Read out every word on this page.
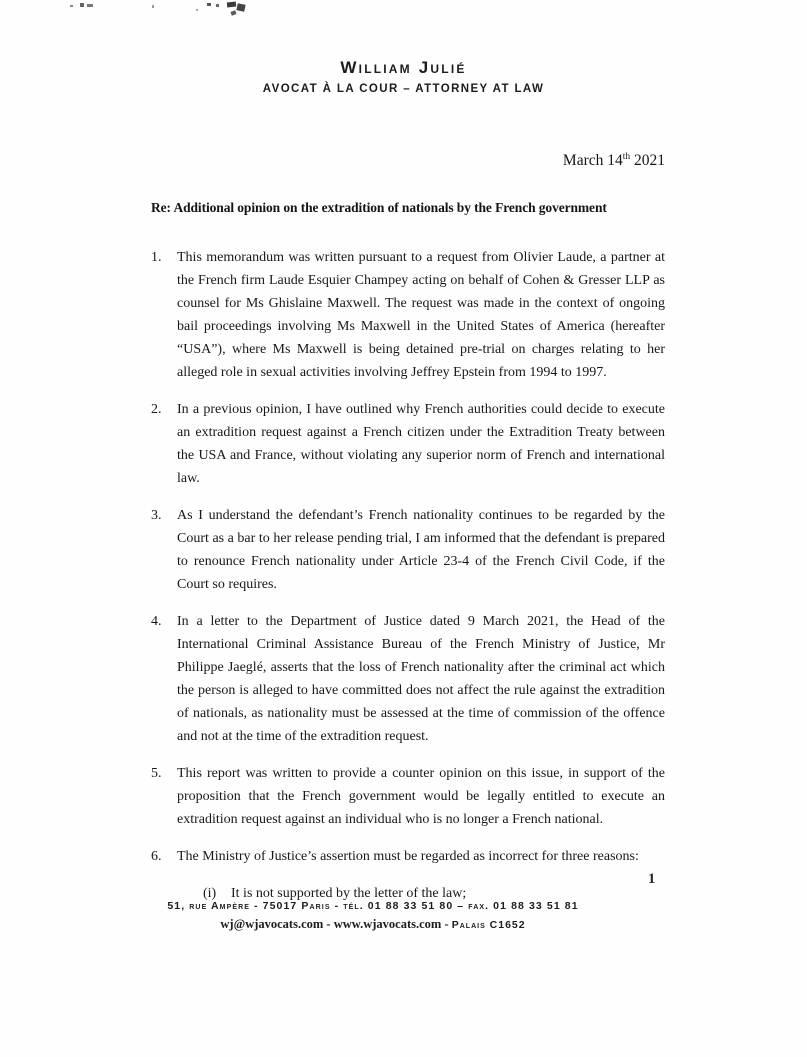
William Julié
AVOCAT À LA COUR – ATTORNEY AT LAW
March 14th 2021
Re: Additional opinion on the extradition of nationals by the French government
1.	This memorandum was written pursuant to a request from Olivier Laude, a partner at the French firm Laude Esquier Champey acting on behalf of Cohen & Gresser LLP as counsel for Ms Ghislaine Maxwell. The request was made in the context of ongoing bail proceedings involving Ms Maxwell in the United States of America (hereafter “USA”), where Ms Maxwell is being detained pre-trial on charges relating to her alleged role in sexual activities involving Jeffrey Epstein from 1994 to 1997.
2.	In a previous opinion, I have outlined why French authorities could decide to execute an extradition request against a French citizen under the Extradition Treaty between the USA and France, without violating any superior norm of French and international law.
3.	As I understand the defendant’s French nationality continues to be regarded by the Court as a bar to her release pending trial, I am informed that the defendant is prepared to renounce French nationality under Article 23-4 of the French Civil Code, if the Court so requires.
4.	In a letter to the Department of Justice dated 9 March 2021, the Head of the International Criminal Assistance Bureau of the French Ministry of Justice, Mr Philippe Jaeglé, asserts that the loss of French nationality after the criminal act which the person is alleged to have committed does not affect the rule against the extradition of nationals, as nationality must be assessed at the time of commission of the offence and not at the time of the extradition request.
5.	This report was written to provide a counter opinion on this issue, in support of the proposition that the French government would be legally entitled to execute an extradition request against an individual who is no longer a French national.
6.	The Ministry of Justice’s assertion must be regarded as incorrect for three reasons:
(i)	It is not supported by the letter of the law;
1
51, rue Ampère - 75017 Paris - tél. 01 88 33 51 80 – fax. 01 88 33 51 81
wj@wjavocats.com - www.wjavocats.com - Palais C1652
